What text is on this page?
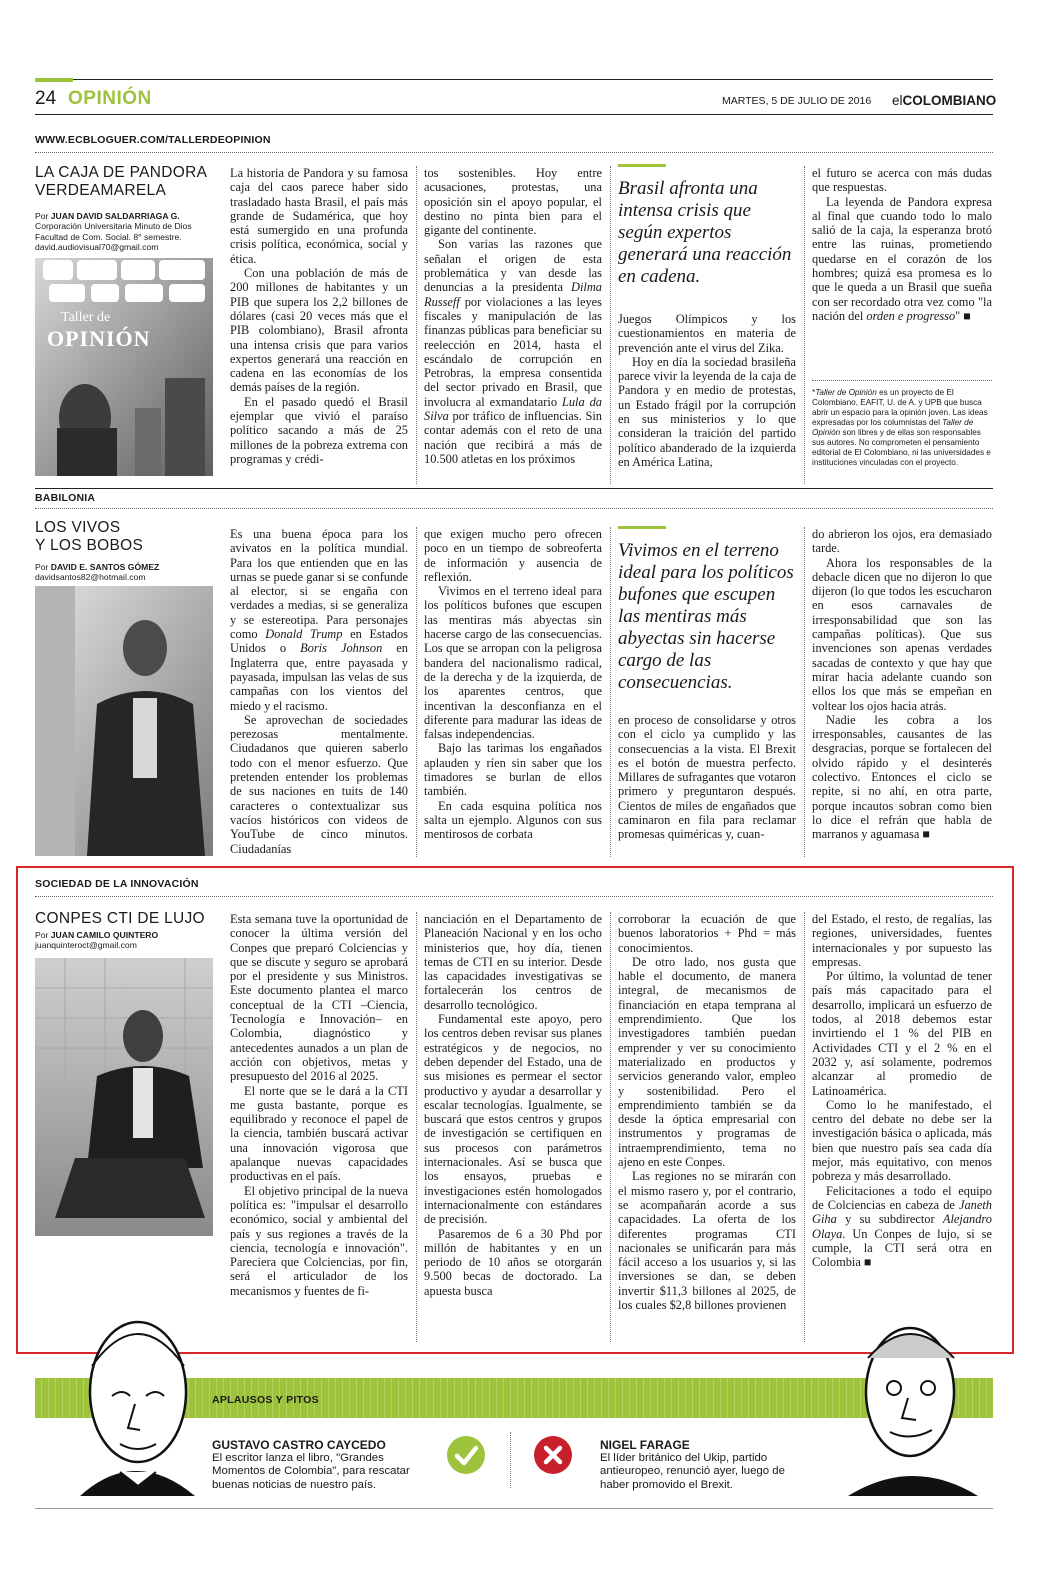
24 OPINIÓN	MARTES, 5 DE JULIO DE 2016 elCOLOMBIANO
WWW.ECBLOGUER.COM/TALLERDEOPINION
LA CAJA DE PANDORA
VERDEAMARELA
Por JUAN DAVID SALDARRIAGA G.
Corporación Universitaria Minuto de Dios
Facultad de Com. Social. 8° semestre.
david.audiovisual70@gmail.com
Taller de
OPINIÓN

La historia de Pandora y su famosa caja del caos parece haber sido trasladado hasta Brasil, el país más grande de Sudamérica, que hoy está sumergido en una profunda crisis política, económica, social y ética.

Con una población de más de 200 millones de habitantes y un PIB que supera los 2,2 billones de dólares (casi 20 veces más que el PIB colombiano), Brasil afronta una intensa crisis que para varios expertos generará una reacción en cadena en las economías de los demás países de la región.

En el pasado quedó el Brasil ejemplar que vivió el paraíso político sacando a más de 25 millones de la pobreza extrema con programas y crédi-

tos sostenibles. Hoy entre acusaciones, protestas, una oposición sin el apoyo popular, el destino no pinta bien para el gigante del continente.

Son varias las razones que señalan el origen de esta problemática y van desde las denuncias a la presidenta Dilma Russeff por violaciones a las leyes fiscales y manipulación de las finanzas públicas para beneficiar su reelección en 2014, hasta el escándalo de corrupción en Petrobras, la empresa consentida del sector privado en Brasil, que involucra al exmandatario Lula da Silva por tráfico de influencias. Sin contar además con el reto de una nación que recibirá a más de 10.500 atletas en los próximos

Brasil afronta una intensa crisis que según expertos generará una reacción en cadena.

Juegos Olímpicos y los cuestionamientos en materia de prevención ante el virus del Zika.

Hoy en día la sociedad brasileña parece vivir la leyenda de la caja de Pandora y en medio de protestas, un Estado frágil por la corrupción en sus ministerios y lo que consideran la traición del partido político abanderado de la izquierda en América Latina,

el futuro se acerca con más dudas que respuestas.

La leyenda de Pandora expresa al final que cuando todo lo malo salió de la caja, la esperanza brotó entre las ruinas, prometiendo quedarse en el corazón de los hombres; quizá esa promesa es lo que le queda a un Brasil que sueña con ser recordado otra vez como "la nación del orden e progresso" ■

*Taller de Opinión es un proyecto de El Colombiano, EAFIT, U. de A. y UPB que busca abrir un espacio para la opinión joven. Las ideas expresadas por los columnistas del Taller de Opinión son libres y de ellas son responsables sus autores. No comprometen el pensamiento editorial de El Colombiano, ni las universidades e instituciones vinculadas con el proyecto.
BABILONIA
LOS VIVOS
Y LOS BOBOS
Por DAVID E. SANTOS GÓMEZ
davidsantos82@hotmail.com

Es una buena época para los avivatos en la política mundial. Para los que entienden que en las urnas se puede ganar si se confunde al elector, si se engaña con verdades a medias, si se generaliza y se estereotipa. Para personajes como Donald Trump en Estados Unidos o Boris Johnson en Inglaterra que, entre payasada y payasada, impulsan las velas de sus campañas con los vientos del miedo y el racismo.

Se aprovechan de sociedades perezosas mentalmente. Ciudadanos que quieren saberlo todo con el menor esfuerzo. Que pretenden entender los problemas de sus naciones en tuits de 140 caracteres o contextualizar sus vacíos históricos con videos de YouTube de cinco minutos. Ciudadanías

que exigen mucho pero ofrecen poco en un tiempo de sobreoferta de información y ausencia de reflexión.

Vivimos en el terreno ideal para los políticos bufones que escupen las mentiras más abyectas sin hacerse cargo de las consecuencias. Los que se arropan con la peligrosa bandera del nacionalismo radical, de la derecha y de la izquierda, de los aparentes centros, que incentivan la desconfianza en el diferente para madurar las ideas de falsas independencias.

Bajo las tarimas los engañados aplauden y ríen sin saber que los timadores se burlan de ellos también.

En cada esquina política nos salta un ejemplo. Algunos con sus mentirosos de corbata

Vivimos en el terreno ideal para los políticos bufones que escupen las mentiras más abyectas sin hacerse cargo de las consecuencias.

en proceso de consolidarse y otros con el ciclo ya cumplido y las consecuencias a la vista. El Brexit es el botón de muestra perfecto. Millares de sufragantes que votaron primero y preguntaron después. Cientos de miles de engañados que caminaron en fila para reclamar promesas quiméricas y, cuan-

do abrieron los ojos, era demasiado tarde.

Ahora los responsables de la debacle dicen que no dijeron lo que dijeron (lo que todos les escucharon en esos carnavales de irresponsabilidad que son las campañas políticas). Que sus invenciones son apenas verdades sacadas de contexto y que hay que mirar hacia adelante cuando son ellos los que más se empeñan en voltear los ojos hacia atrás.

Nadie les cobra a los irresponsables, causantes de las desgracias, porque se fortalecen del olvido rápido y el desinterés colectivo. Entonces el ciclo se repite, si no ahí, en otra parte, porque incautos sobran como bien lo dice el refrán que habla de marranos y aguamasa ■

SOCIEDAD DE LA INNOVACIÓN
CONPES CTI DE LUJO
Por JUAN CAMILO QUINTERO
juanquinteroct@gmail.com

Esta semana tuve la oportunidad de conocer la última versión del Conpes que preparó Colciencias y que se discute y seguro se aprobará por el presidente y sus Ministros. Este documento plantea el marco conceptual de la CTI –Ciencia, Tecnología e Innovación– en Colombia, diagnóstico y antecedentes aunados a un plan de acción con objetivos, metas y presupuesto del 2016 al 2025.

El norte que se le dará a la CTI me gusta bastante, porque es equilibrado y reconoce el papel de la ciencia, también buscará activar una innovación vigorosa que apalanque nuevas capacidades productivas en el país.

El objetivo principal de la nueva política es: "impulsar el desarrollo económico, social y ambiental del país y sus regiones a través de la ciencia, tecnología e innovación". Pareciera que Colciencias, por fin, será el articulador de los mecanismos y fuentes de fi-

nanciación en el Departamento de Planeación Nacional y en los ocho ministerios que, hoy día, tienen temas de CTI en su interior. Desde las capacidades investigativas se fortalecerán los centros de desarrollo tecnológico.

Fundamental este apoyo, pero los centros deben revisar sus planes estratégicos y de negocios, no deben depender del Estado, una de sus misiones es permear el sector productivo y ayudar a desarrollar y escalar tecnologías. Igualmente, se buscará que estos centros y grupos de investigación se certifiquen en sus procesos con parámetros internacionales. Así se busca que los ensayos, pruebas e investigaciones estén homologados internacionalmente con estándares de precisión.

Pasaremos de 6 a 30 Phd por millón de habitantes y en un periodo de 10 años se otorgarán 9.500 becas de doctorado. La apuesta busca

corroborar la ecuación de que buenos laboratorios + Phd = más conocimientos.

De otro lado, nos gusta que hable el documento, de manera integral, de mecanismos de financiación en etapa temprana al emprendimiento. Que los investigadores también puedan emprender y ver su conocimiento materializado en productos y servicios generando valor, empleo y sostenibilidad. Pero el emprendimiento también se da desde la óptica empresarial con instrumentos y programas de intraemprendimiento, tema no ajeno en este Conpes.

Las regiones no se mirarán con el mismo rasero y, por el contrario, se acompañarán acorde a sus capacidades. La oferta de los diferentes programas CTI nacionales se unificarán para más fácil acceso a los usuarios y, si las inversiones se dan, se deben invertir $11,3 billones al 2025, de los cuales $2,8 billones provienen

del Estado, el resto, de regalías, las regiones, universidades, fuentes internacionales y por supuesto las empresas.

Por último, la voluntad de tener país más capacitado para el desarrollo, implicará un esfuerzo de todos, al 2018 debemos estar invirtiendo el 1 % del PIB en Actividades CTI y el 2 % en el 2032 y, así solamente, podremos alcanzar al promedio de Latinoamérica.

Como lo he manifestado, el centro del debate no debe ser la investigación básica o aplicada, más bien que nuestro país sea cada día mejor, más equitativo, con menos pobreza y más desarrollado.

Felicitaciones a todo el equipo de Colciencias en cabeza de Janeth Giha y su subdirector Alejandro Olaya. Un Conpes de lujo, si se cumple, la CTI será otra en Colombia ■

APLAUSOS Y PITOS
GUSTAVO CASTRO CAYCEDO
El escritor lanza el libro, "Grandes Momentos de Colombia", para rescatar buenas noticias de nuestro país.
NIGEL FARAGE
El líder británico del Ukip, partido antieuropeo, renunció ayer, luego de haber promovido el Brexit.
